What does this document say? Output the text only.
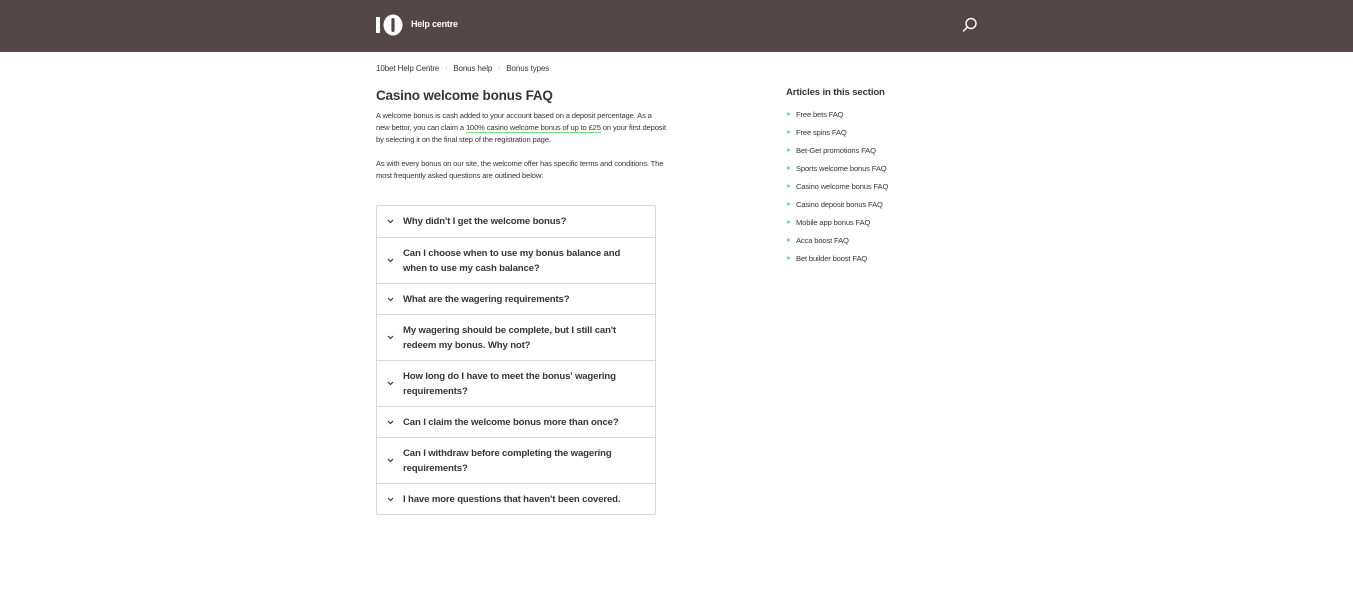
Help centre
10bet Help Centre › Bonus help › Bonus types
Casino welcome bonus FAQ

A welcome bonus is cash added to your account based on a deposit percentage. As a new bettor, you can claim a 100% casino welcome bonus of up to £25 on your first deposit by selecting it on the final step of the registration page.

As with every bonus on our site, the welcome offer has specific terms and conditions. The most frequently asked questions are outlined below:

Why didn't I get the welcome bonus?
Can I choose when to use my bonus balance and when to use my cash balance?
What are the wagering requirements?
My wagering should be complete, but I still can't redeem my bonus. Why not?
How long do I have to meet the bonus' wagering requirements?
Can I claim the welcome bonus more than once?
Can I withdraw before completing the wagering requirements?
I have more questions that haven't been covered.
Articles in this section
Free bets FAQ
Free spins FAQ
Bet-Get promotions FAQ
Sports welcome bonus FAQ
Casino welcome bonus FAQ
Casino deposit bonus FAQ
Mobile app bonus FAQ
Acca boost FAQ
Bet builder boost FAQ
